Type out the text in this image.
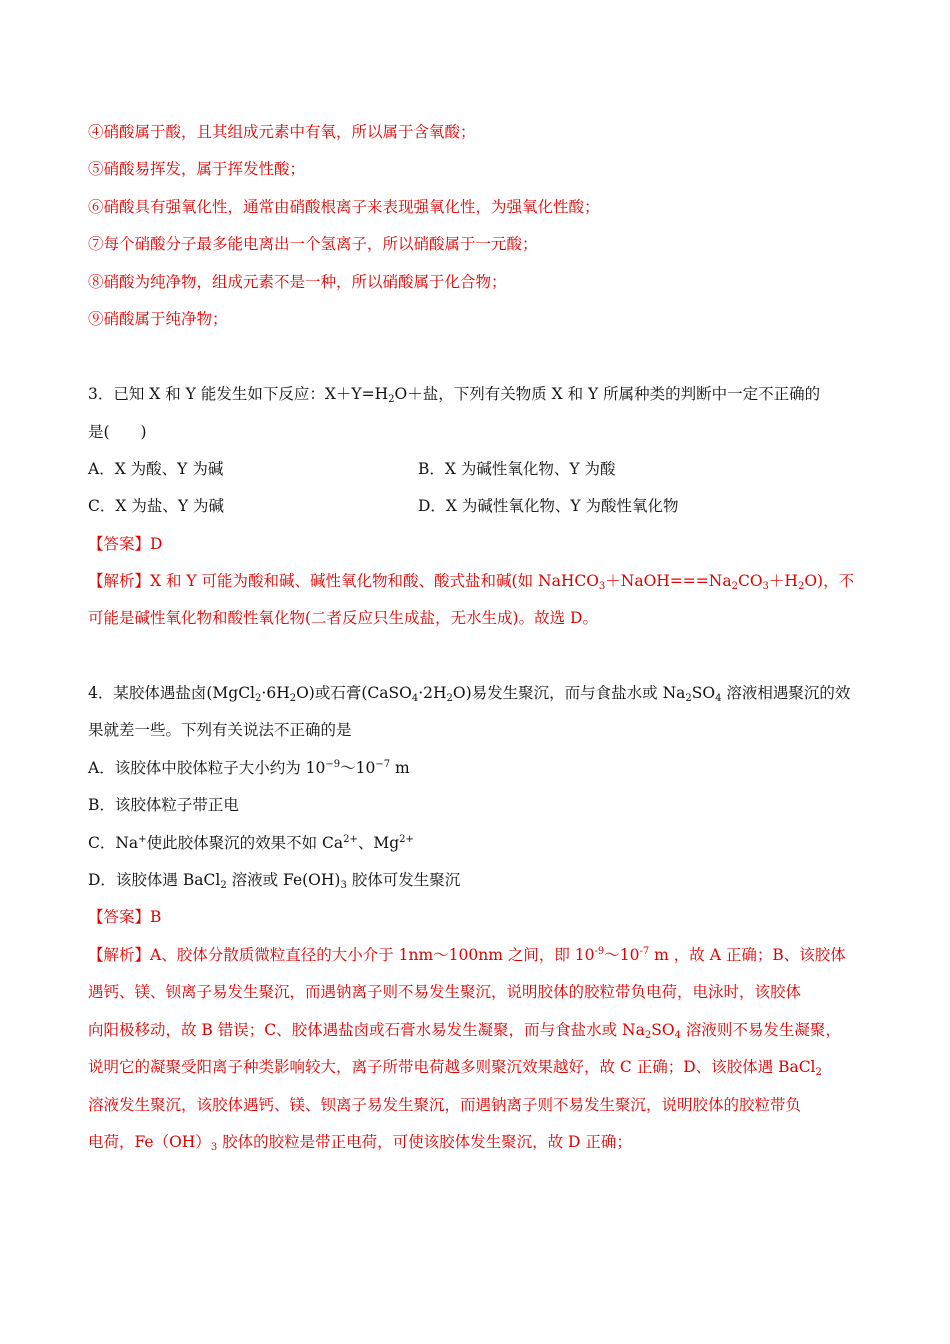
④硝酸属于酸，且其组成元素中有氧，所以属于含氧酸；
⑤硝酸易挥发，属于挥发性酸；
⑥硝酸具有强氧化性，通常由硝酸根离子来表现强氧化性，为强氧化性酸；
⑦每个硝酸分子最多能电离出一个氢离子，所以硝酸属于一元酸；
⑧硝酸为纯净物，组成元素不是一种，所以硝酸属于化合物；
⑨硝酸属于纯净物；
3．已知 X 和 Y 能发生如下反应：$X+Y=H_2O+$盐，下列有关物质 X 和 Y 所属种类的判断中一定不正确的
是(　　)
A．X 为酸、Y 为碱	B．X 为碱性氧化物、Y 为酸
C．X 为盐、Y 为碱	D．X 为碱性氧化物、Y 为酸性氧化物
【答案】D
【解析】X 和 Y 可能为酸和碱、碱性氧化物和酸、酸式盐和碱(如 $NaHCO_3+NaOH===Na_2CO_3+H_2O$)，不
可能是碱性氧化物和酸性氧化物(二者反应只生成盐，无水生成)。故选 D。
4．某胶体遇盐卤$(MgCl_2\cdot 6H_2O)$或石膏$(CaSO_4\cdot 2H_2O)$易发生聚沉，而与食盐水或 $Na_2SO_4$ 溶液相遇聚沉的效
果就差一些。下列有关说法不正确的是
A．该胶体中胶体粒子大小约为 $10^{-9}\sim 10^{-7}$ m
B．该胶体粒子带正电
C．Na+使此胶体聚沉的效果不如 $Ca^{2+}$、$Mg^{2+}$
D．该胶体遇 BaCl$_2$ 溶液或 $Fe(OH)_3$ 胶体可发生聚沉
【答案】B
【解析】A、胶体分散质微粒直径的大小介于 1nm～100nm 之间，即 $10^{-9}\sim 10^{-7}$ m ，故 A 正确；B、该胶体
遇钙、镁、钡离子易发生聚沉，而遇钠离子则不易发生聚沉，说明胶体的胶粒带负电荷，电泳时，该胶体
向阳极移动，故 B 错误；C、胶体遇盐卤或石膏水易发生凝聚，而与食盐水或 $Na_2SO_4$ 溶液则不易发生凝聚，
说明它的凝聚受阳离子种类影响较大，离子所带电荷越多则聚沉效果越好，故 C 正确；D、该胶体遇 BaCl$_2$
溶液发生聚沉，该胶体遇钙、镁、钡离子易发生聚沉，而遇钠离子则不易发生聚沉，说明胶体的胶粒带负
电荷，$Fe(OH)_3$ 胶体的胶粒是带正电荷，可使该胶体发生聚沉，故 D 正确；
